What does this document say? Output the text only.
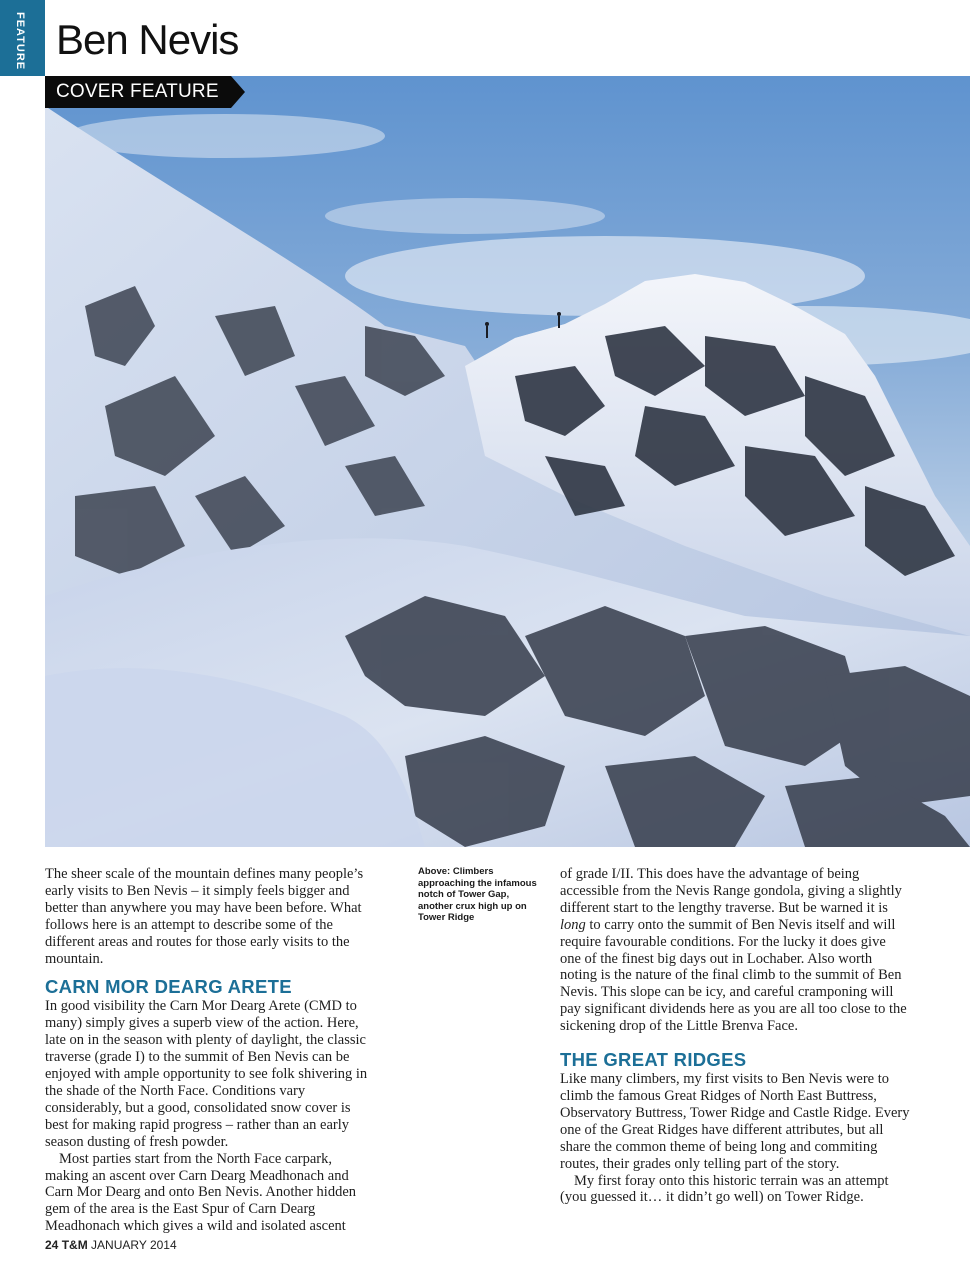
FEATURE Ben Nevis
COVER FEATURE

The sheer scale of the mountain defines many people’s early visits to Ben Nevis – it simply feels bigger and better than anywhere you may have been before. What follows here is an attempt to describe some of the different areas and routes for those early visits to the mountain.

CARN MOR DEARG ARETE

In good visibility the Carn Mor Dearg Arete (CMD to many) simply gives a superb view of the action. Here, late on in the season with plenty of daylight, the classic traverse (grade I) to the summit of Ben Nevis can be enjoyed with ample opportunity to see folk shivering in the shade of the North Face. Conditions vary considerably, but a good, consolidated snow cover is best for making rapid progress – rather than an early season dusting of fresh powder.

Most parties start from the North Face carpark, making an ascent over Carn Dearg Meadhonach and Carn Mor Dearg and onto Ben Nevis. Another hidden gem of the area is the East Spur of Carn Dearg Meadhonach which gives a wild and isolated ascent

Above: Climbers approaching the infamous notch of Tower Gap, another crux high up on Tower Ridge

of grade I/II. This does have the advantage of being accessible from the Nevis Range gondola, giving a slightly different start to the lengthy traverse. But be warned it is long to carry onto the summit of Ben Nevis itself and will require favourable conditions. For the lucky it does give one of the finest big days out in Lochaber. Also worth noting is the nature of the final climb to the summit of Ben Nevis. This slope can be icy, and careful cramponing will pay significant dividends here as you are all too close to the sickening drop of the Little Brenva Face.

THE GREAT RIDGES

Like many climbers, my first visits to Ben Nevis were to climb the famous Great Ridges of North East Buttress, Observatory Buttress, Tower Ridge and Castle Ridge. Every one of the Great Ridges have different attributes, but all share the common theme of being long and commiting routes, their grades only telling part of the story.

My first foray onto this historic terrain was an attempt (you guessed it… it didn’t go well) on Tower Ridge.

24 T&M JANUARY 2014
